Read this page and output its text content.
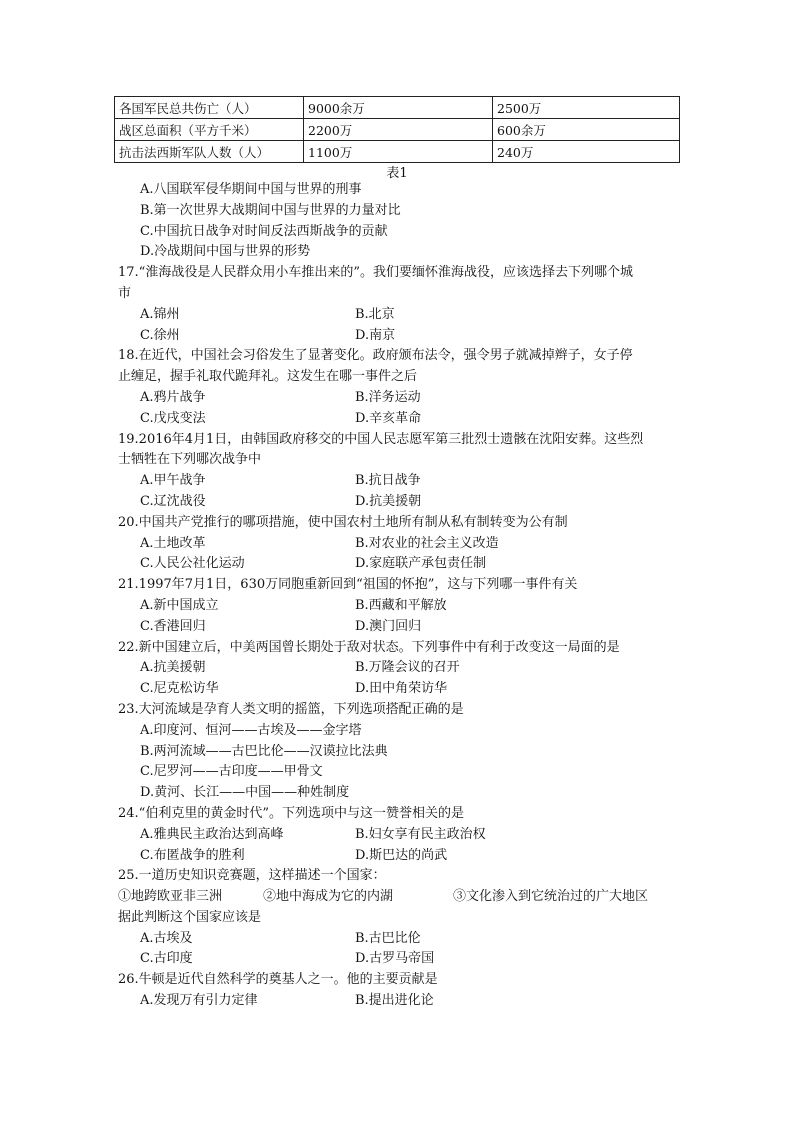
各国军民总共伤亡（人）	9000余万	2500万
战区总面积（平方千米）	2200万	600余万
抗击法西斯军队人数（人）	1100万	240万
表1
A.八国联军侵华期间中国与世界的刑事
B.第一次世界大战期间中国与世界的力量对比
C.中国抗日战争对时间反法西斯战争的贡献
D.冷战期间中国与世界的形势
17.“淮海战役是人民群众用小车推出来的”。我们要缅怀淮海战役，应该选择去下列哪个城
市
A.锦州	B.北京
C.徐州	D.南京
18.在近代，中国社会习俗发生了显著变化。政府颁布法令，强令男子就减掉辫子，女子停
止缠足，握手礼取代跪拜礼。这发生在哪一事件之后
A.鸦片战争	B.洋务运动
C.戊戌变法	D.辛亥革命
19.2016年4月1日，由韩国政府移交的中国人民志愿军第三批烈士遗骸在沈阳安葬。这些烈
士牺牲在下列哪次战争中
A.甲午战争	B.抗日战争
C.辽沈战役	D.抗美援朝
20.中国共产党推行的哪项措施，使中国农村土地所有制从私有制转变为公有制
A.土地改革	B.对农业的社会主义改造
C.人民公社化运动	D.家庭联产承包责任制
21.1997年7月1日，630万同胞重新回到“祖国的怀抱”，这与下列哪一事件有关
A.新中国成立	B.西藏和平解放
C.香港回归	D.澳门回归
22.新中国建立后，中美两国曾长期处于敌对状态。下列事件中有利于改变这一局面的是
A.抗美援朝	B.万隆会议的召开
C.尼克松访华	D.田中角荣访华
23.大河流域是孕育人类文明的摇篮，下列选项搭配正确的是
A.印度河、恒河——古埃及——金字塔
B.两河流域——古巴比伦——汉谟拉比法典
C.尼罗河——古印度——甲骨文
D.黄河、长江——中国——种姓制度
24.“伯利克里的黄金时代”。下列选项中与这一赞誉相关的是
A.雅典民主政治达到高峰	B.妇女享有民主政治权
C.布匿战争的胜利	D.斯巴达的尚武
25.一道历史知识竞赛题，这样描述一个国家：
①地跨欧亚非三洲	②地中海成为它的内湖	③文化渗入到它统治过的广大地区
据此判断这个国家应该是
A.古埃及	B.古巴比伦
C.古印度	D.古罗马帝国
26.牛顿是近代自然科学的奠基人之一。他的主要贡献是
A.发现万有引力定律	B.提出进化论
